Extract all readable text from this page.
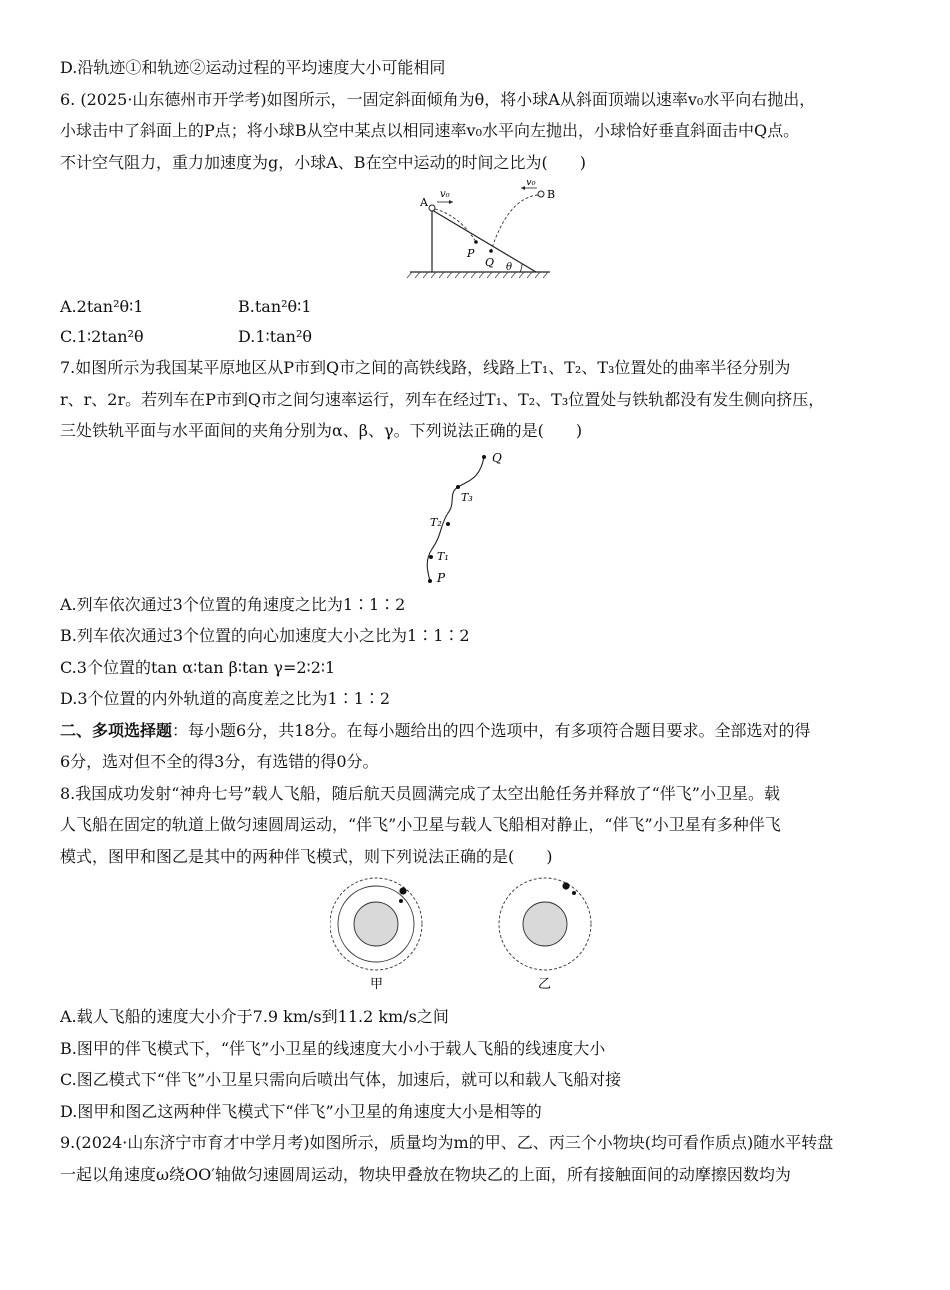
D.沿轨迹①和轨迹②运动过程的平均速度大小可能相同
6. (2025·山东德州市开学考)如图所示，一固定斜面倾角为θ，将小球A从斜面顶端以速率v₀水平向右抛出，
小球击中了斜面上的P点；将小球B从空中某点以相同速率v₀水平向左抛出，小球恰好垂直斜面击中Q点。
不计空气阻力，重力加速度为g，小球A、B在空中运动的时间之比为(　　)
A
v₀
P
B
v₀
Q θ
A.2tan²θ∶1	B.tan²θ∶1
C.1∶2tan²θ	D.1∶tan²θ
7.如图所示为我国某平原地区从P市到Q市之间的高铁线路，线路上T₁、T₂、T₃位置处的曲率半径分别为
r、r、2r。若列车在P市到Q市之间匀速率运行，列车在经过T₁、T₂、T₃位置处与铁轨都没有发生侧向挤压，
三处铁轨平面与水平面间的夹角分别为α、β、γ。下列说法正确的是(　　)
Q
T₃
T₂
T₁
P
A.列车依次通过3个位置的角速度之比为1∶1∶2
B.列车依次通过3个位置的向心加速度大小之比为1∶1∶2
C.3个位置的tan α∶tan β∶tan γ=2∶2∶1
D.3个位置的内外轨道的高度差之比为1∶1∶2
二、多项选择题：每小题6分，共18分。在每小题给出的四个选项中，有多项符合题目要求。全部选对的得
6分，选对但不全的得3分，有选错的得0分。
8.我国成功发射“神舟七号”载人飞船，随后航天员圆满完成了太空出舱任务并释放了“伴飞”小卫星。载
人飞船在固定的轨道上做匀速圆周运动，“伴飞”小卫星与载人飞船相对静止，“伴飞”小卫星有多种伴飞
模式，图甲和图乙是其中的两种伴飞模式，则下列说法正确的是(　　)
甲	乙
A.载人飞船的速度大小介于7.9 km/s到11.2 km/s之间
B.图甲的伴飞模式下，“伴飞”小卫星的线速度大小小于载人飞船的线速度大小
C.图乙模式下“伴飞”小卫星只需向后喷出气体，加速后，就可以和载人飞船对接
D.图甲和图乙这两种伴飞模式下“伴飞”小卫星的角速度大小是相等的
9.(2024·山东济宁市育才中学月考)如图所示，质量均为m的甲、乙、丙三个小物块(均可看作质点)随水平转盘
一起以角速度ω绕OO′轴做匀速圆周运动，物块甲叠放在物块乙的上面，所有接触面间的动摩擦因数均为
